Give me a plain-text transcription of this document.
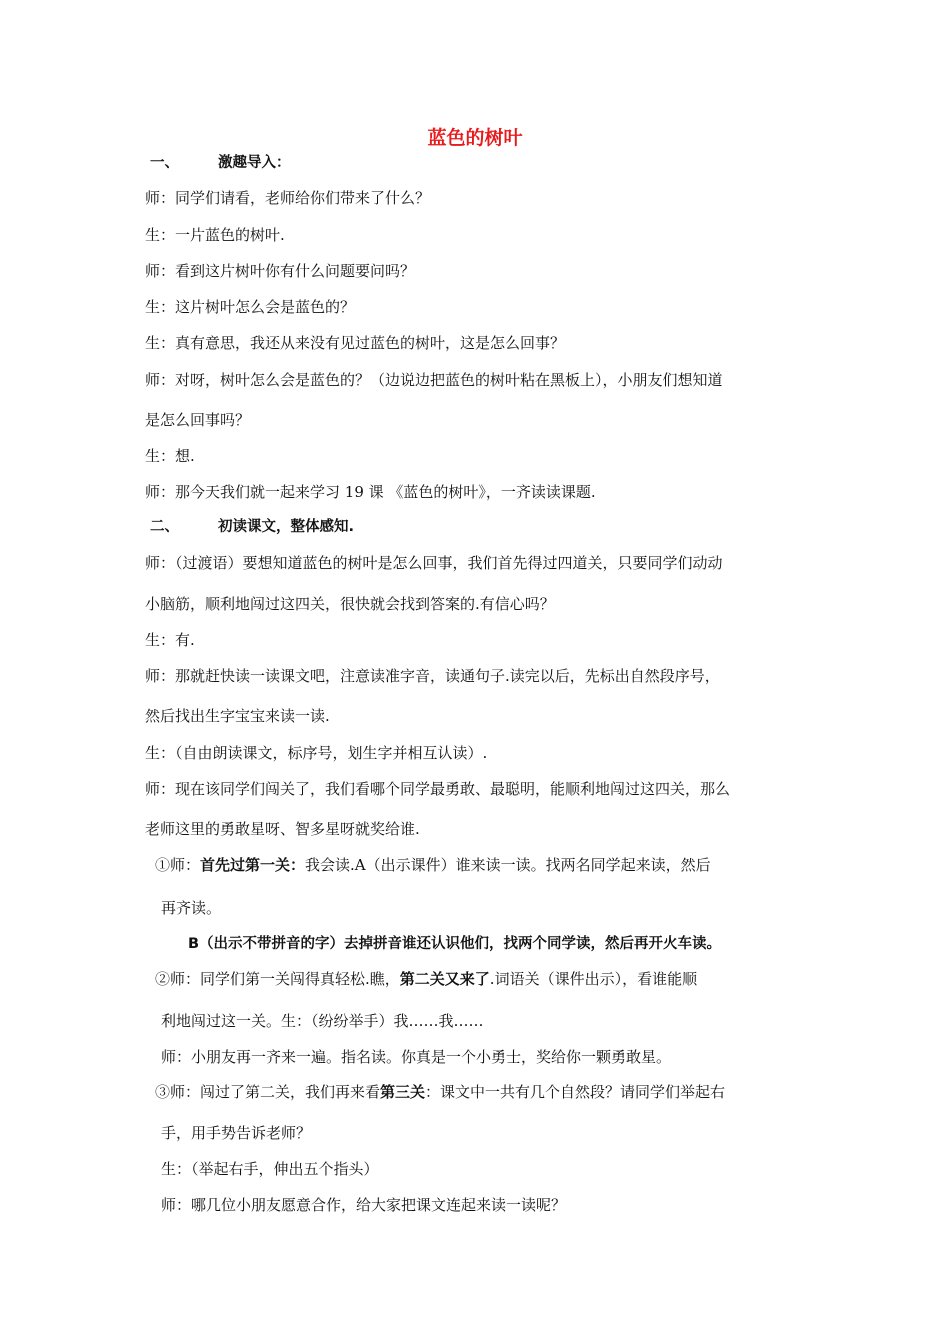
蓝色的树叶
一、	激趣导入：
师：同学们请看，老师给你们带来了什么？
生：一片蓝色的树叶.
师：看到这片树叶你有什么问题要问吗？
生：这片树叶怎么会是蓝色的？
生：真有意思，我还从来没有见过蓝色的树叶，这是怎么回事？
师：对呀，树叶怎么会是蓝色的？（边说边把蓝色的树叶粘在黑板上），小朋友们想知道
是怎么回事吗？
生：想.
师：那今天我们就一起来学习 19 课 《蓝色的树叶》，一齐读读课题.
二、	初读课文，整体感知.
师：（过渡语）要想知道蓝色的树叶是怎么回事，我们首先得过四道关，只要同学们动动
小脑筋，顺利地闯过这四关，很快就会找到答案的.有信心吗？
生：有.
师：那就赶快读一读课文吧，注意读准字音，读通句子.读完以后，先标出自然段序号，
然后找出生字宝宝来读一读.
生：（自由朗读课文，标序号，划生字并相互认读）.
师：现在该同学们闯关了，我们看哪个同学最勇敢、最聪明，能顺利地闯过这四关，那么
老师这里的勇敢星呀、智多星呀就奖给谁.
①师：首先过第一关：我会读.A（出示课件）谁来读一读。找两名同学起来读，然后
再齐读。
B（出示不带拼音的字）去掉拼音谁还认识他们，找两个同学读，然后再开火车读。
②师：同学们第一关闯得真轻松.瞧，第二关又来了.词语关（课件出示），看谁能顺
利地闯过这一关。生：（纷纷举手）我……我……
师：小朋友再一齐来一遍。指名读。你真是一个小勇士，奖给你一颗勇敢星。
③师：闯过了第二关，我们再来看第三关：课文中一共有几个自然段？请同学们举起右
手，用手势告诉老师？
生：（举起右手，伸出五个指头）
师：哪几位小朋友愿意合作，给大家把课文连起来读一读呢？
